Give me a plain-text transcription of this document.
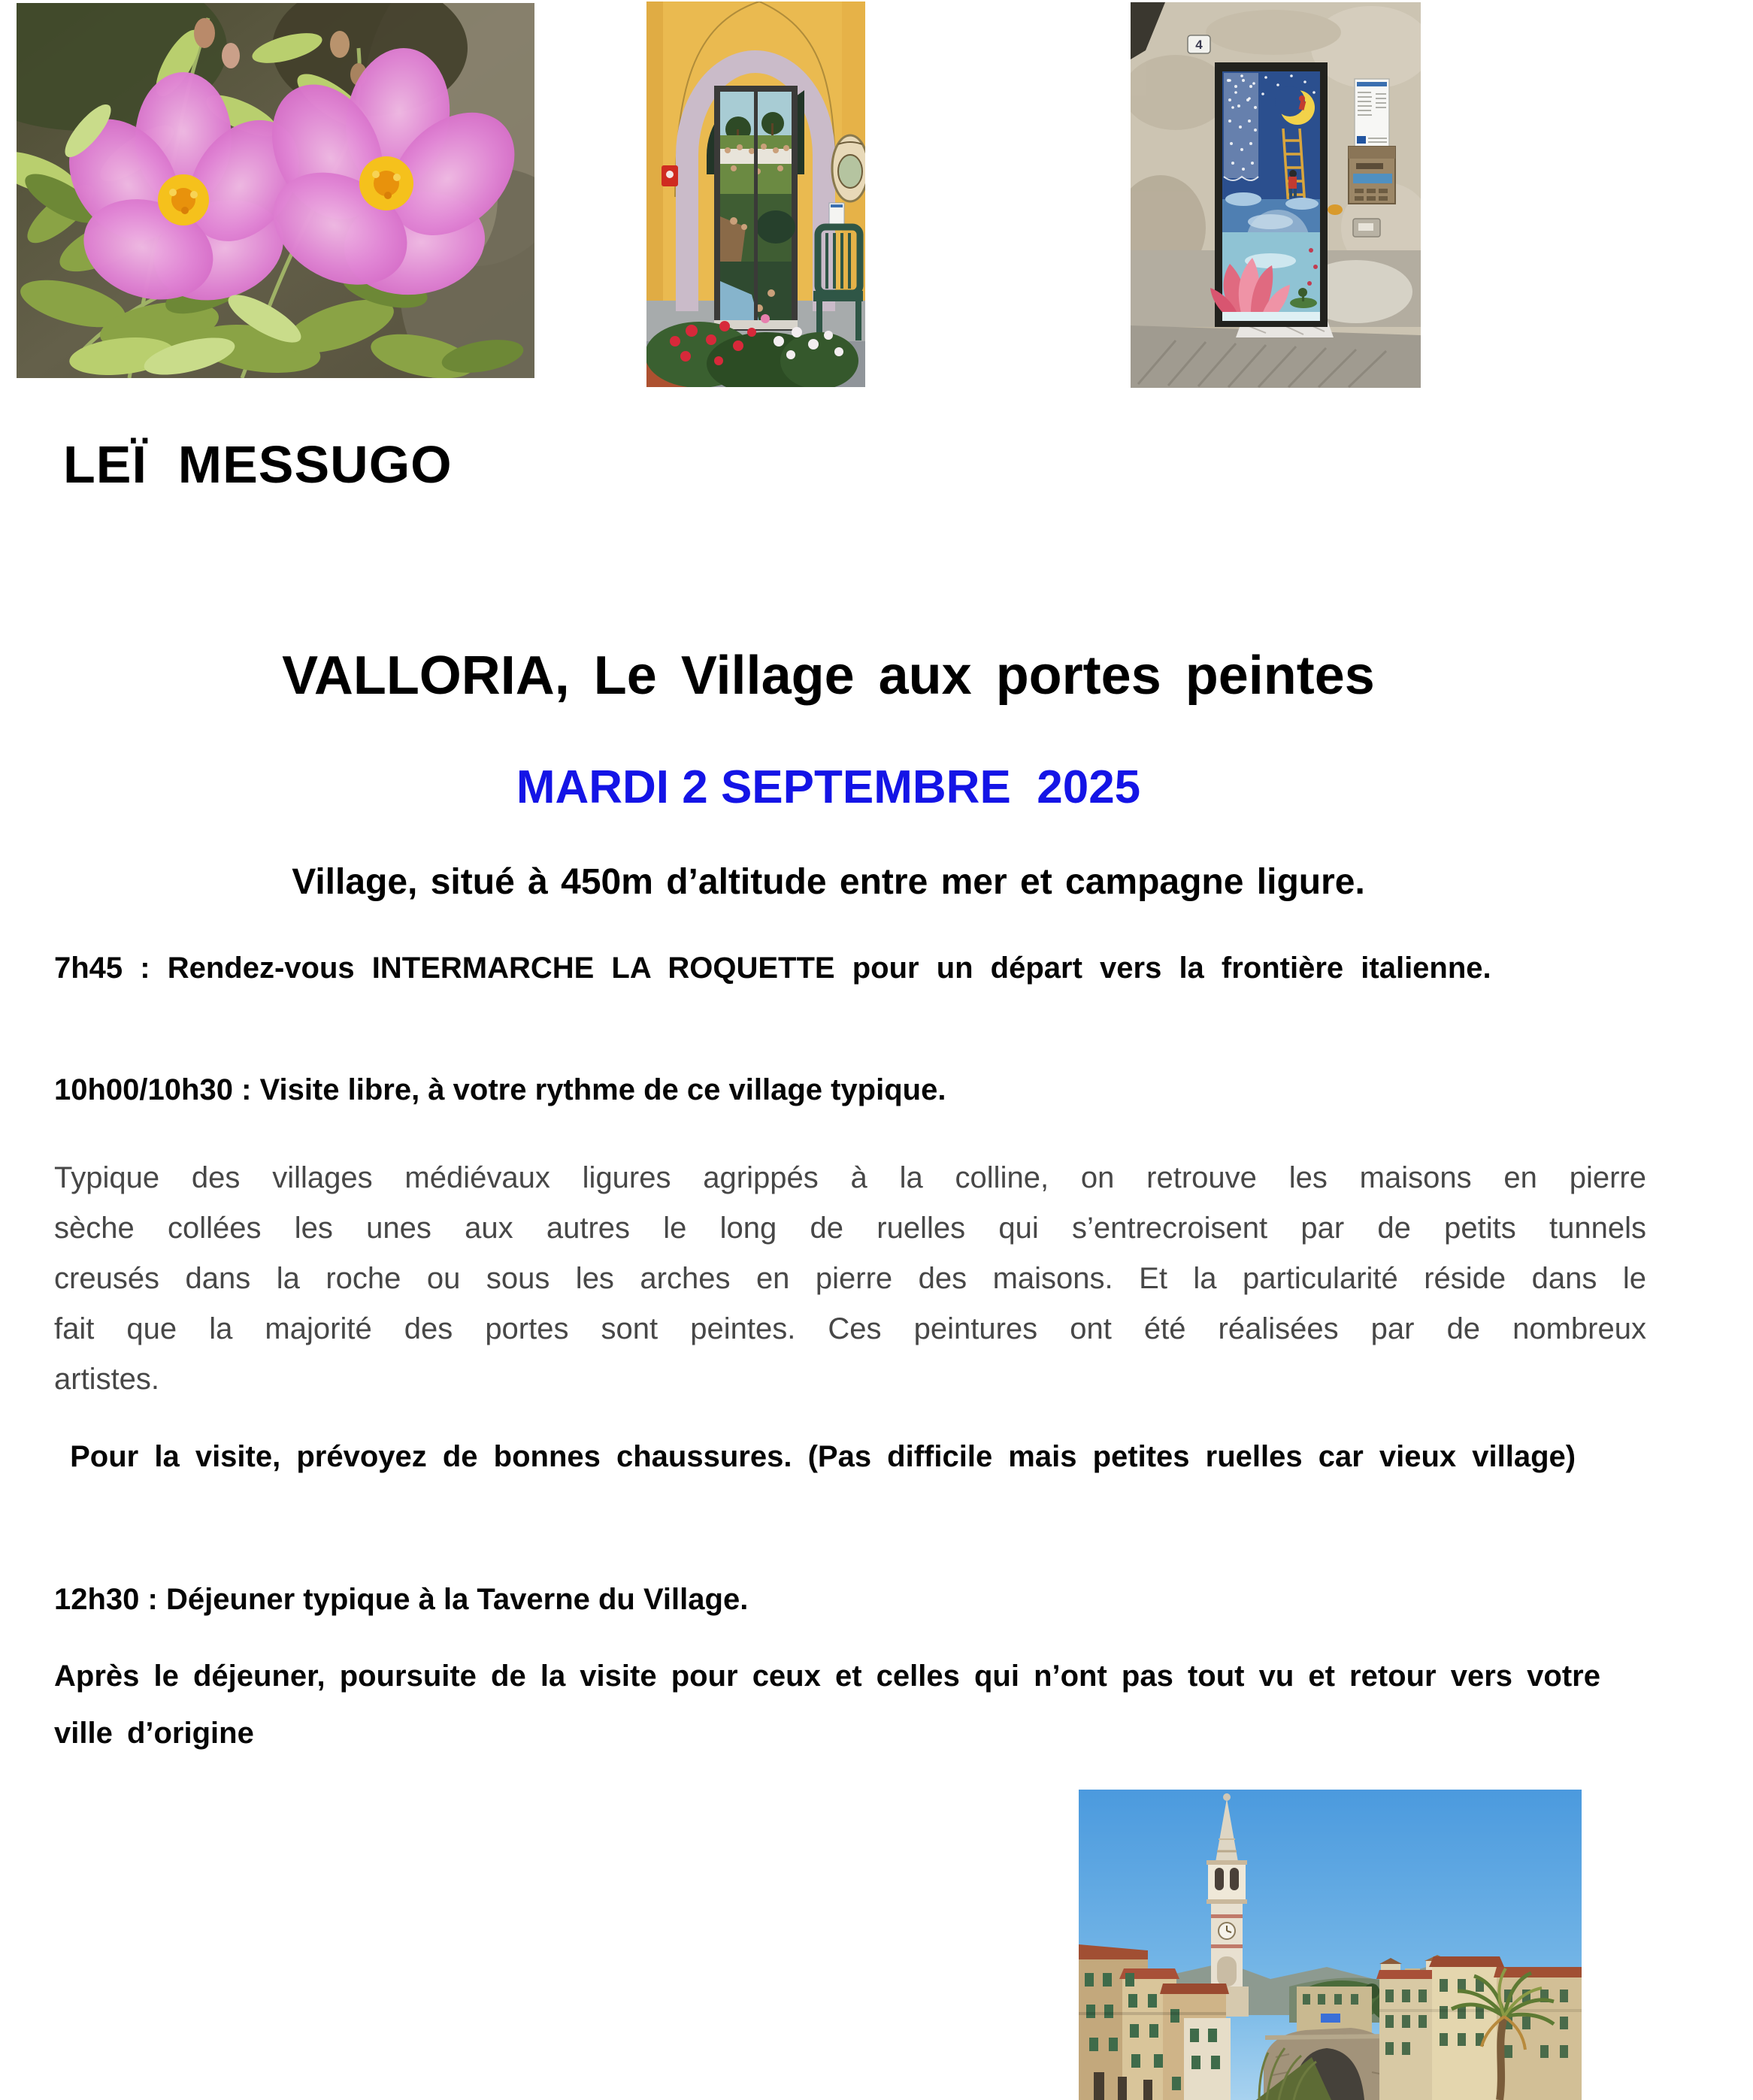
4
LEÏ  MESSUGO
VALLORIA, Le Village aux portes peintes
MARDI 2 SEPTEMBRE  2025
Village, situé à 450m d’altitude entre mer et campagne ligure.
7h45 : Rendez-vous INTERMARCHE LA ROQUETTE pour un départ vers la frontière italienne.
10h00/10h30 : Visite libre, à votre rythme de ce village typique.
Typique des villages médiévaux ligures agrippés à la colline, on retrouve les maisons en pierre sèche collées les unes aux autres le long de ruelles qui s’entrecroisent par de petits tunnels creusés dans la roche ou sous les arches en pierre des maisons. Et la particularité réside dans le fait que la majorité des portes sont peintes. Ces peintures ont été réalisées par de nombreux artistes.
Pour la visite, prévoyez de bonnes chaussures. (Pas difficile mais petites ruelles car vieux village)
12h30 : Déjeuner typique à la Taverne du Village.
Après le déjeuner, poursuite de la visite pour ceux et celles qui n’ont pas tout vu et retour vers votre ville d’origine
